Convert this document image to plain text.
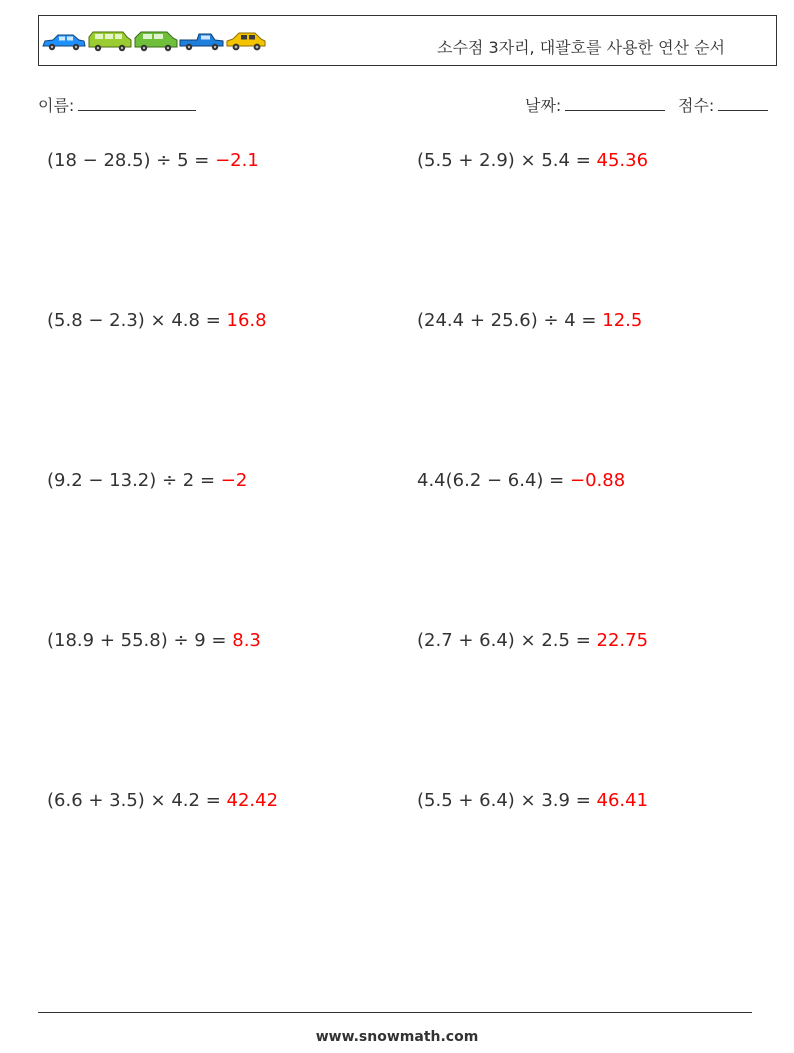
소수점 3자리, 대괄호를 사용한 연산 순서
이름:	날짜:	점수:
(18 − 28.5) ÷ 5 = −2.1	(5.5 + 2.9) × 5.4 = 45.36
(5.8 − 2.3) × 4.8 = 16.8	(24.4 + 25.6) ÷ 4 = 12.5
(9.2 − 13.2) ÷ 2 = −2	4.4(6.2 − 6.4) = −0.88
(18.9 + 55.8) ÷ 9 = 8.3	(2.7 + 6.4) × 2.5 = 22.75
(6.6 + 3.5) × 4.2 = 42.42	(5.5 + 6.4) × 3.9 = 46.41
www.snowmath.com
